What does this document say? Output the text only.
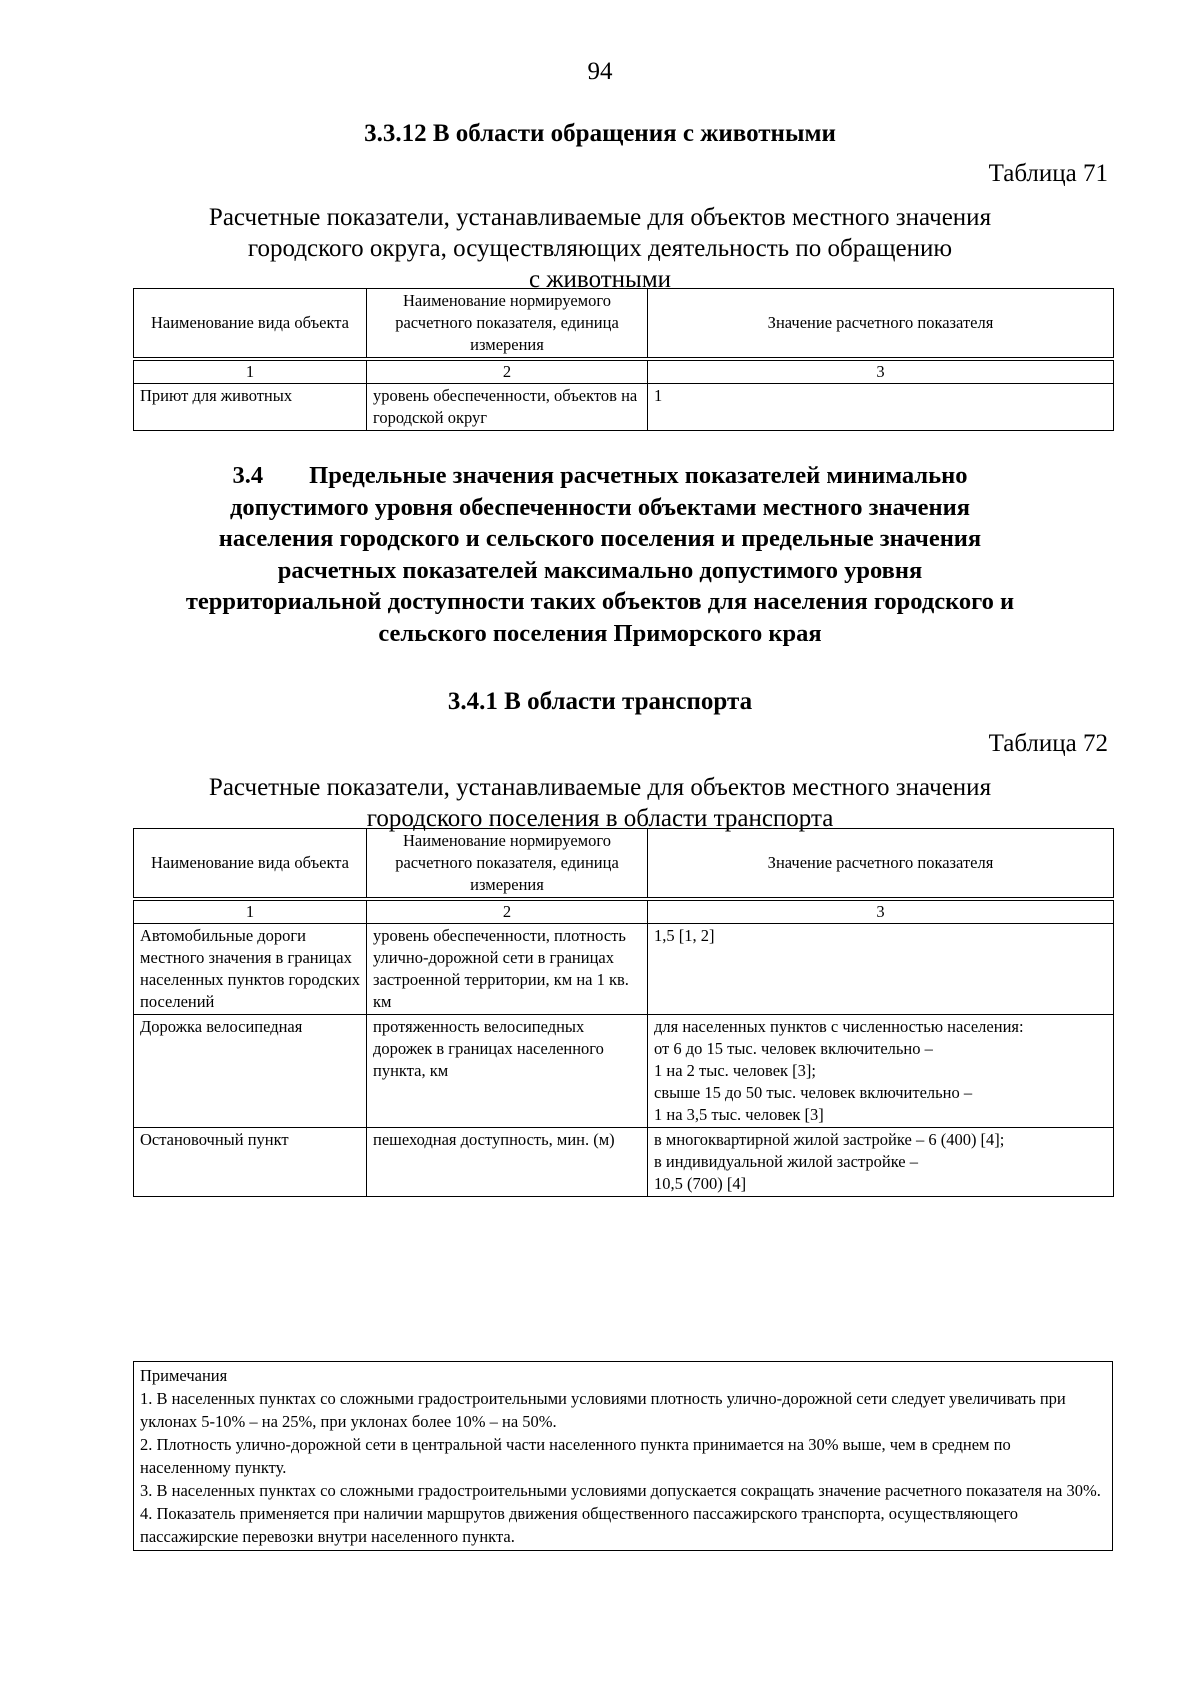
94
3.3.12 В области обращения с животными
Таблица 71
Расчетные показатели, устанавливаемые для объектов местного значения
городского округа, осуществляющих деятельность по обращению
с животными
Наименование вида объекта	Наименование нормируемого расчетного показателя, единица измерения	Значение расчетного показателя

1	2	3
Приют для животных	уровень обеспеченности, объектов на городской округ	1
3.4 Предельные значения расчетных показателей минимально
допустимого уровня обеспеченности объектами местного значения
населения городского и сельского поселения и предельные значения
расчетных показателей максимально допустимого уровня
территориальной доступности таких объектов для населения городского и
сельского поселения Приморского края
3.4.1 В области транспорта
Таблица 72
Расчетные показатели, устанавливаемые для объектов местного значения
городского поселения в области транспорта
Наименование вида объекта	Наименование нормируемого расчетного показателя, единица измерения	Значение расчетного показателя

1	2	3
Автомобильные дороги местного значения в границах населенных пунктов городских поселений	уровень обеспеченности, плотность улично-дорожной сети в границах застроенной территории, км на 1 кв. км	1,5 [1, 2]

Дорожка велосипедная	протяженность велосипедных дорожек в границах населенного пункта, км	для населенных пунктов с численностью населения:
от 6 до 15 тыс. человек включительно –
1 на 2 тыс. человек [3];
свыше 15 до 50 тыс. человек включительно –
1 на 3,5 тыс. человек [3]

Остановочный пункт	пешеходная доступность, мин. (м)	в многоквартирной жилой застройке – 6 (400) [4];
в индивидуальной жилой застройке –
10,5 (700) [4]
Примечания
1. В населенных пунктах со сложными градостроительными условиями плотность улично-дорожной сети следует увеличивать при уклонах 5-10% – на 25%, при уклонах более 10% – на 50%.
2. Плотность улично-дорожной сети в центральной части населенного пункта принимается на 30% выше, чем в среднем по населенному пункту.
3. В населенных пунктах со сложными градостроительными условиями допускается сокращать значение расчетного показателя на 30%.
4. Показатель применяется при наличии маршрутов движения общественного пассажирского транспорта, осуществляющего пассажирские перевозки внутри населенного пункта.
